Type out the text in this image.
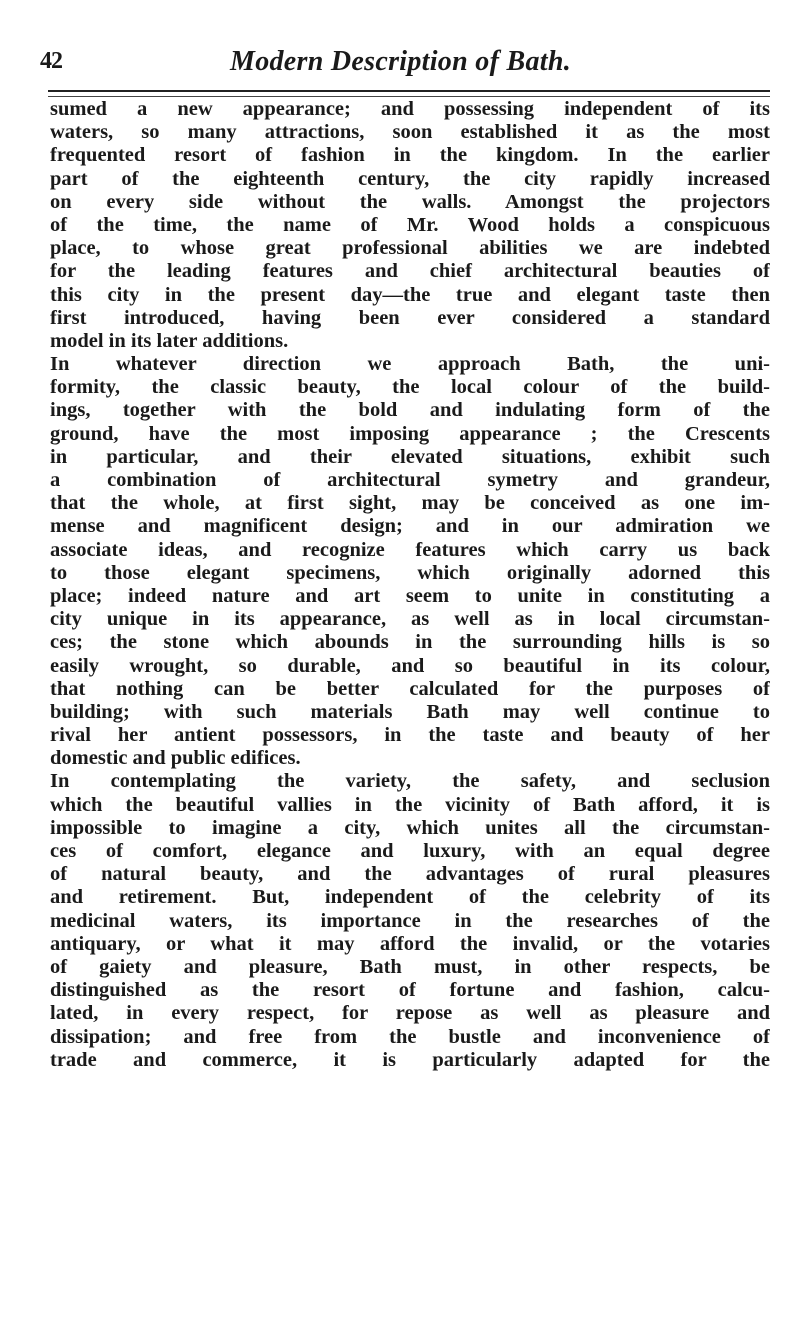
42	Modern Description of Bath.
sumed a new appearance; and possessing independent of its
waters, so many attractions, soon established it as the most
frequented resort of fashion in the kingdom. In the earlier
part of the eighteenth century, the city rapidly increased
on every side without the walls. Amongst the projectors
of the time, the name of Mr. Wood holds a conspicuous
place, to whose great professional abilities we are indebted
for the leading features and chief architectural beauties of
this city in the present day—the true and elegant taste then
first introduced, having been ever considered a standard
model in its later additions.
In whatever direction we approach Bath, the uni-
formity, the classic beauty, the local colour of the build-
ings, together with the bold and indulating form of the
ground, have the most imposing appearance ; the Crescents
in particular, and their elevated situations, exhibit such
a combination of architectural symetry and grandeur,
that the whole, at first sight, may be conceived as one im-
mense and magnificent design; and in our admiration we
associate ideas, and recognize features which carry us back
to those elegant specimens, which originally adorned this
place; indeed nature and art seem to unite in constituting a
city unique in its appearance, as well as in local circumstan-
ces; the stone which abounds in the surrounding hills is so
easily wrought, so durable, and so beautiful in its colour,
that nothing can be better calculated for the purposes of
building; with such materials Bath may well continue to
rival her antient possessors, in the taste and beauty of her
domestic and public edifices.
In contemplating the variety, the safety, and seclusion
which the beautiful vallies in the vicinity of Bath afford, it is
impossible to imagine a city, which unites all the circumstan-
ces of comfort, elegance and luxury, with an equal degree
of natural beauty, and the advantages of rural pleasures
and retirement. But, independent of the celebrity of its
medicinal waters, its importance in the researches of the
antiquary, or what it may afford the invalid, or the votaries
of gaiety and pleasure, Bath must, in other respects, be
distinguished as the resort of fortune and fashion, calcu-
lated, in every respect, for repose as well as pleasure and
dissipation; and free from the bustle and inconvenience of
trade and commerce, it is particularly adapted for the
